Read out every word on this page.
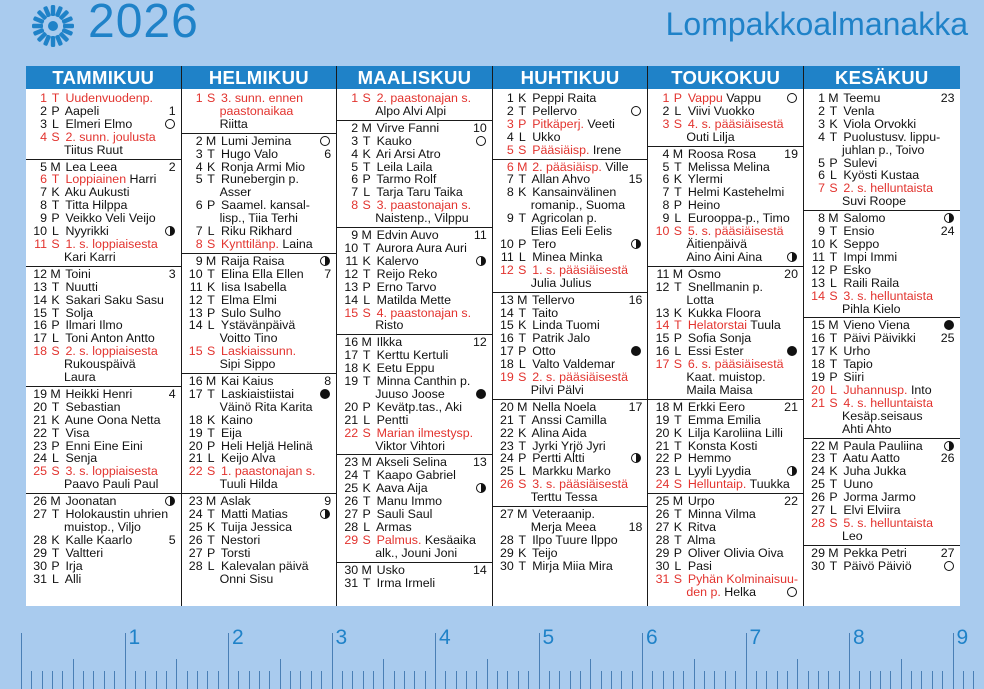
2026	Lompakkoalmanakka
TAMMIKUU
1 T Uudenvuodenp.
2 P Aapeli	1
3 L Elmeri Elmo
4 S 2. sunn. joulusta
Tiitus Ruut
5 M Lea Leea	2
6 T Loppiainen Harri
7 K Aku Aukusti
8 T Titta Hilppa
9 P Veikko Veli Veijo
10 L Nyyrikki
11 S 1. s. loppiaisesta
Kari Karri
12 M Toini	3
13 T Nuutti
14 K Sakari Saku Sasu
15 T Solja
16 P Ilmari Ilmo
17 L Toni Anton Antto
18 S 2. s. loppiaisesta
Rukouspäivä
Laura
19 M Heikki Henri	4
20 T Sebastian
21 K Aune Oona Netta
22 T Visa
23 P Enni Eine Eini
24 L Senja
25 S 3. s. loppiaisesta
Paavo Pauli Paul
26 M Joonatan
27 T Holokaustin uhrien
muistop., Viljo
28 K Kalle Kaarlo	5
29 T Valtteri
30 P Irja
31 L Alli
HELMIKUU
1 S 3. sunn. ennen
paastonaikaa
Riitta
2 M Lumi Jemina
3 T Hugo Valo	6
4 K Ronja Armi Mio
5 T Runebergin p.
Asser
6 P Saamel. kansal-
lisp., Tiia Terhi
7 L Riku Rikhard
8 S Kynttilänp. Laina
9 M Raija Raisa
10 T Elina Ella Ellen 7
11 K Iisa Isabella
12 T Elma Elmi
13 P Sulo Sulho
14 L Ystävänpäivä
Voitto Tino
15 S Laskiaissunn.
Sipi Sippo
16 M Kai Kaius	8
17 T Laskiaistiistai
Väinö Rita Karita
18 K Kaino
19 T Eija
20 P Heli Heljä Helinä
21 L Keijo Alva
22 S 1. paastonajan s.
Tuuli Hilda
23 M Aslak	9
24 T Matti Matias
25 K Tuija Jessica
26 T Nestori
27 P Torsti
28 L Kalevalan päivä
Onni Sisu
MAALISKUU
1 S 2. paastonajan s.
Alpo Alvi Alpi
2 M Virve Fanni	10
3 T Kauko
4 K Ari Arsi Atro
5 T Leila Laila
6 P Tarmo Rolf
7 L Tarja Taru Taika
8 S 3. paastonajan s.
Naistenp., Vilppu
9 M Edvin Auvo	11
10 T Aurora Aura Auri
11 K Kalervo
12 T Reijo Reko
13 P Erno Tarvo
14 L Matilda Mette
15 S 4. paastonajan s.
Risto
16 M Ilkka	12
17 T Kerttu Kertuli
18 K Eetu Eppu
19 T Minna Canthin p.
Juuso Joose
20 P Kevätp.tas., Aki
21 L Pentti
22 S Marian ilmestysp.
Viktor Vihtori
23 M Akseli Selina 13
24 T Kaapo Gabriel
25 K Aava Aija
26 T Manu Immo
27 P Sauli Saul
28 L Armas
29 S Palmus. Kesäaika
alk., Jouni Joni
30 M Usko	14
31 T Irma Irmeli
HUHTIKUU
1 K Peppi Raita
2 T Pellervo
3 P Pitkäperj. Veeti
4 L Ukko
5 S Pääsiäisp. Irene
6 M 2. pääsiäisp. Ville
7 T Allan Ahvo	15
8 K Kansainvälinen
romanip., Suoma
9 T Agricolan p.
Elias Eeli Eelis
10 P Tero
11 L Minea Minka
12 S 1. s. pääsiäisestä
Julia Julius
13 M Tellervo	16
14 T Taito
15 K Linda Tuomi
16 T Patrik Jalo
17 P Otto
18 L Valto Valdemar
19 S 2. s. pääsiäisestä
Pilvi Pälvi
20 M Nella Noela	17
21 T Anssi Camilla
22 K Alina Aida
23 T Jyrki Yrjö Jyri
24 P Pertti Altti
25 L Markku Marko
26 S 3. s. pääsiäisestä
Terttu Tessa
27 M Veteraanip.
Merja Meea	18
28 T Ilpo Tuure Ilppo
29 K Teijo
30 T Mirja Miia Mira
TOUKOKUU
1 P Vappu Vappu
2 L Viivi Vuokko
3 S 4. s. pääsiäisestä
Outi Lilja
4 M Roosa Rosa 19
5 T Melissa Melina
6 K Ylermi
7 T Helmi Kastehelmi
8 P Heino
9 L Eurooppa-p., Timo
10 S 5. s. pääsiäisestä
Äitienpäivä
Aino Aini Aina
11 M Osmo	20
12 T Snellmanin p.
Lotta
13 K Kukka Floora
14 T Helatorstai Tuula
15 P Sofia Sonja
16 L Essi Ester
17 S 6. s. pääsiäisestä
Kaat. muistop.
Maila Maisa
18 M Erkki Eero	21
19 T Emma Emilia
20 K Lilja Karoliina Lilli
21 T Konsta Kosti
22 P Hemmo
23 L Lyyli Lyydia
24 S Helluntaip. Tuukka
25 M Urpo	22
26 T Minna Vilma
27 K Ritva
28 T Alma
29 P Oliver Olivia Oiva
30 L Pasi
31 S Pyhän Kolminaisuu-
den p. Helka
KESÄKUU
1 M Teemu	23
2 T Venla
3 K Viola Orvokki
4 T Puolustusv. lippu-
juhlan p., Toivo
5 P Sulevi
6 L Kyösti Kustaa
7 S 2. s. helluntaista
Suvi Roope
8 M Salomo
9 T Ensio	24
10 K Seppo
11 T Impi Immi
12 P Esko
13 L Raili Raila
14 S 3. s. helluntaista
Pihla Kielo
15 M Vieno Viena
16 T Päivi Päivikki 25
17 K Urho
18 T Tapio
19 P Siiri
20 L Juhannusp. Into
21 S 4. s. helluntaista
Kesäp.seisaus
Ahti Ahto
22 M Paula Pauliina
23 T Aatu Aatto	26
24 K Juha Jukka
25 T Uuno
26 P Jorma Jarmo
27 L Elvi Elviira
28 S 5. s. helluntaista
Leo
29 M Pekka Petri	27
30 T Päivö Päiviö
1	2	3	4	5	6	7	8	9
